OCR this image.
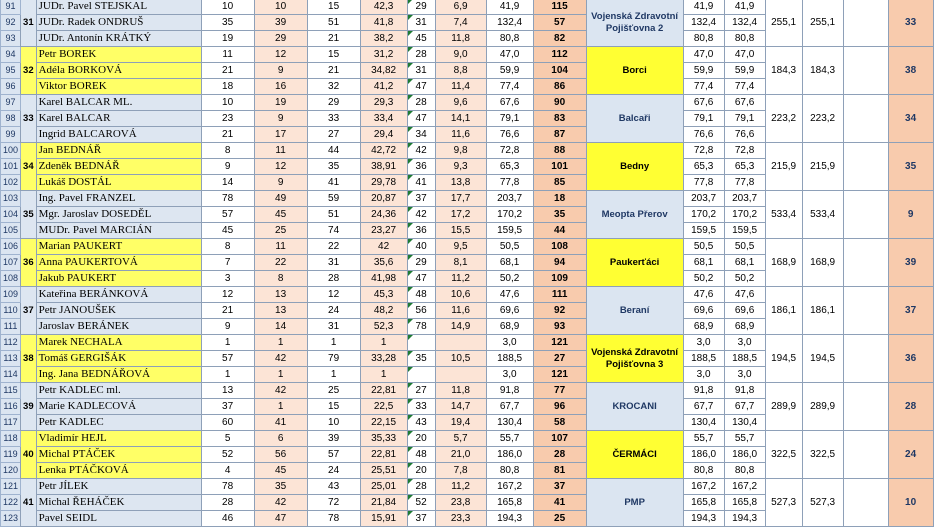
91	31	JUDr. Pavel STEJSKAL	10	10	15	42,3	29	6,9	41,9	115	Vojenská Zdravotní Pojišťovna 2	41,9	41,9	255,1	255,1		33
92		JUDr. Radek ONDRUŠ	35	39	51	41,8	31	7,4	132,4	57		132,4	132,4				
93		JUDr. Antonín KRÁTKÝ	19	29	21	38,2	45	11,8	80,8	82		80,8	80,8				
94	32	Petr BOREK	11	12	15	31,2	28	9,0	47,0	112	Borci	47,0	47,0	184,3	184,3		38
95		Adéla BORKOVÁ	21	9	21	34,82	31	8,8	59,9	104		59,9	59,9				
96		Viktor BOREK	18	16	32	41,2	47	11,4	77,4	86		77,4	77,4				
97	33	Karel BALCAR ML.	10	19	29	29,3	28	9,6	67,6	90	Balcaři	67,6	67,6	223,2	223,2		34
98		Karel BALCAR	23	9	33	33,4	47	14,1	79,1	83		79,1	79,1				
99		Ingrid BALCAROVÁ	21	17	27	29,4	34	11,6	76,6	87		76,6	76,6				
100	34	Jan BEDNÁŘ	8	11	44	42,72	42	9,8	72,8	88	Bedny	72,8	72,8	215,9	215,9		35
101		Zdeněk BEDNÁŘ	9	12	35	38,91	36	9,3	65,3	101		65,3	65,3				
102		Lukáš DOSTÁL	14	9	41	29,78	41	13,8	77,8	85		77,8	77,8				
103	35	Ing. Pavel FRANZEL	78	49	59	20,87	37	17,7	203,7	18	Meopta Přerov	203,7	203,7	533,4	533,4		9
104		Mgr. Jaroslav DOSEDĚL	57	45	51	24,36	42	17,2	170,2	35		170,2	170,2				
105		MUDr. Pavel MARCIÁN	45	25	74	23,27	36	15,5	159,5	44		159,5	159,5				
106	36	Marian PAUKERT	8	11	22	42	40	9,5	50,5	108	Paukerťáci	50,5	50,5	168,9	168,9		39
107		Anna PAUKERTOVÁ	7	22	31	35,6	29	8,1	68,1	94		68,1	68,1				
108		Jakub PAUKERT	3	8	28	41,98	47	11,2	50,2	109		50,2	50,2				
109	37	Kateřina BERÁNKOVÁ	12	13	12	45,3	48	10,6	47,6	111	Beraní	47,6	47,6	186,1	186,1		37
110		Petr JANOUŠEK	21	13	24	48,2	56	11,6	69,6	92		69,6	69,6				
111		Jaroslav BERÁNEK	9	14	31	52,3	78	14,9	68,9	93		68,9	68,9				
112	38	Marek NECHALA	1	1	1	1			3,0	121	Vojenská Zdravotní Pojišťovna 3	3,0	3,0	194,5	194,5		36
113		Tomáš GERGIŠÁK	57	42	79	33,28	35	10,5	188,5	27		188,5	188,5				
114		Ing. Jana BEDNÁŘOVÁ	1	1	1	1			3,0	121		3,0	3,0				
115	39	Petr KADLEC ml.	13	42	25	22,81	27	11,8	91,8	77	KROCANI	91,8	91,8	289,9	289,9		28
116		Marie KADLECOVÁ	37	1	15	22,5	33	14,7	67,7	96		67,7	67,7				
117		Petr KADLEC	60	41	10	22,15	43	19,4	130,4	58		130,4	130,4				
118	40	Vladimír HEJL	5	6	39	35,33	20	5,7	55,7	107	ČERMÁCI	55,7	55,7	322,5	322,5		24
119		Michal PTÁČEK	52	56	57	22,81	48	21,0	186,0	28		186,0	186,0				
120		Lenka PTÁČKOVÁ	4	45	24	25,51	20	7,8	80,8	81		80,8	80,8				
121	41	Petr JÍLEK	78	35	43	25,01	28	11,2	167,2	37	PMP	167,2	167,2	527,3	527,3		10
122		Michal ŘEHÁČEK	28	42	72	21,84	52	23,8	165,8	41		165,8	165,8				
123		Pavel SEIDL	46	47	78	15,91	37	23,3	194,3	25		194,3	194,3				
